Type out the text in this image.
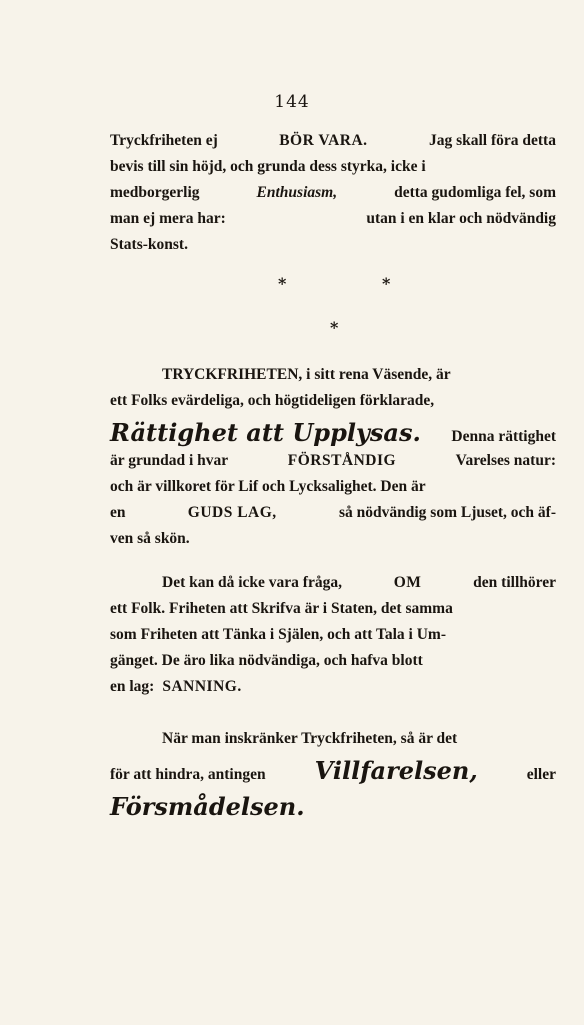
144
Tryckfriheten ej	BÖR VARA.	Jag skall föra detta
bevis till sin höjd, och grunda dess styrka, icke i
medborgerlig	Enthusiasm,	detta gudomliga fel, som
man ej mera har:	utan i en klar och nödvändig
Stats-konst.
*	*
*
TRYCKFRIHETEN, i sitt rena Väsende, är
ett Folks evärdeliga, och högtideligen förklarade,
Rättighet att Upplysas. Denna rättighet
är grundad i hvar	FÖRSTÅNDIG	Varelses natur:
och är villkoret för Lif och Lycksalighet. Den är
en	GUDS LAG,	så nödvändig som Ljuset, och äf-
ven så skön.
Det kan då icke vara fråga,	OM	den tillhörer
ett Folk. Friheten att Skrifva är i Staten, det samma
som Friheten att Tänka i Själen, och att Tala i Um-
gänget. De äro lika nödvändiga, och hafva blott
en lag: SANNING.
När man inskränker Tryckfriheten, så är det
för att hindra, antingen Villfarelsen,	eller
Försmådelsen.
